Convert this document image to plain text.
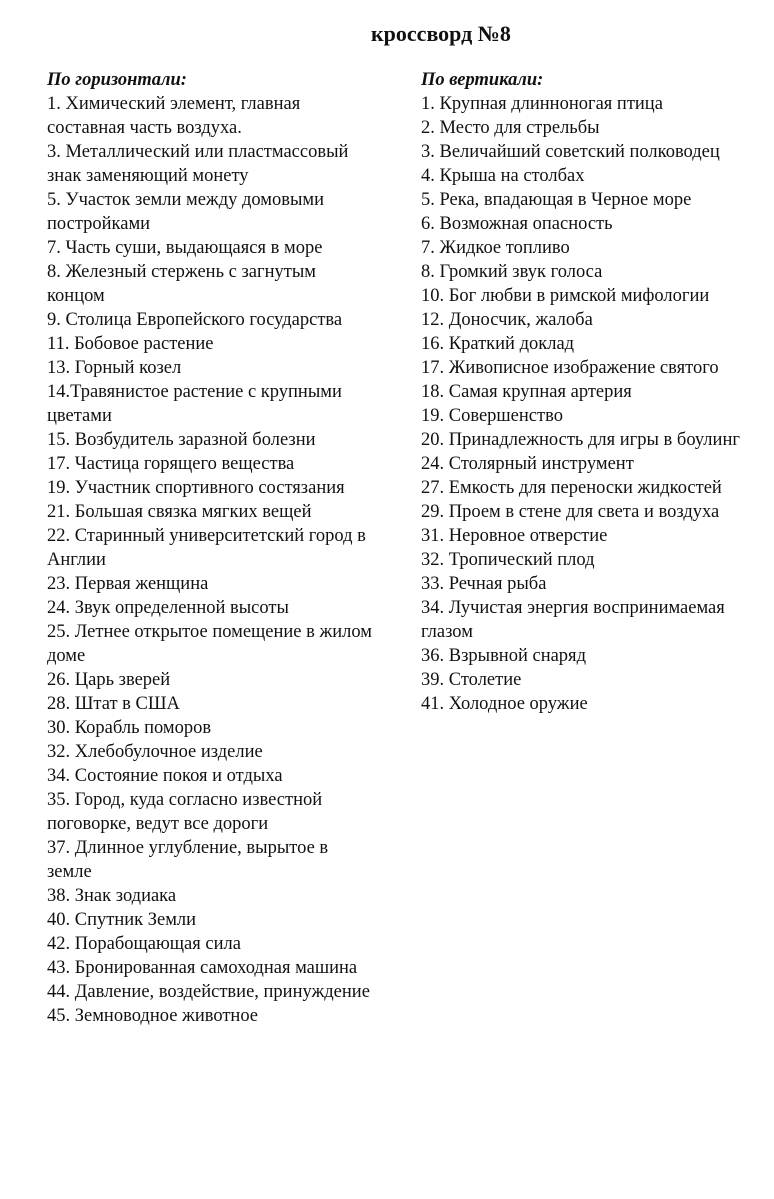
кроссворд №8
По горизонтали:
1. Химический элемент, главная составная часть воздуха.
3. Металлический или пластмассовый знак заменяющий монету
5. Участок земли между домовыми постройками
7. Часть суши, выдающаяся в море
8. Железный стержень с загнутым концом
9. Столица Европейского государства
11. Бобовое растение
13. Горный козел
14.Травянистое растение с крупными цветами
15. Возбудитель заразной болезни
17. Частица горящего вещества
19. Участник спортивного состязания
21. Большая связка мягких вещей
22. Старинный университетский город в Англии
23. Первая женщина
24. Звук определенной высоты
25. Летнее открытое помещение в жилом доме
26. Царь зверей
28. Штат в США
30. Корабль поморов
32. Хлебобулочное изделие
34. Состояние покоя и отдыха
35. Город, куда согласно известной поговорке, ведут все дороги
37. Длинное углубление, вырытое в земле
38. Знак зодиака
40. Спутник Земли
42. Порабощающая сила
43. Бронированная самоходная машина
44. Давление, воздействие, принуждение
45. Земноводное животное
По вертикали:
1. Крупная длинноногая птица
2. Место для стрельбы
3. Величайший советский полководец
4. Крыша на столбах
5. Река, впадающая в Черное море
6. Возможная опасность
7. Жидкое топливо
8. Громкий звук голоса
10. Бог любви в римской мифологии
12. Доносчик, жалоба
16. Краткий доклад
17. Живописное изображение святого
18. Самая крупная артерия
19. Совершенство
20. Принадлежность для игры в боулинг
24. Столярный инструмент
27. Емкость для переноски жидкостей
29. Проем в стене для света и воздуха
31. Неровное отверстие
32. Тропический плод
33. Речная рыба
34. Лучистая энергия воспринимаемая глазом
36. Взрывной снаряд
39. Столетие
41. Холодное оружие
